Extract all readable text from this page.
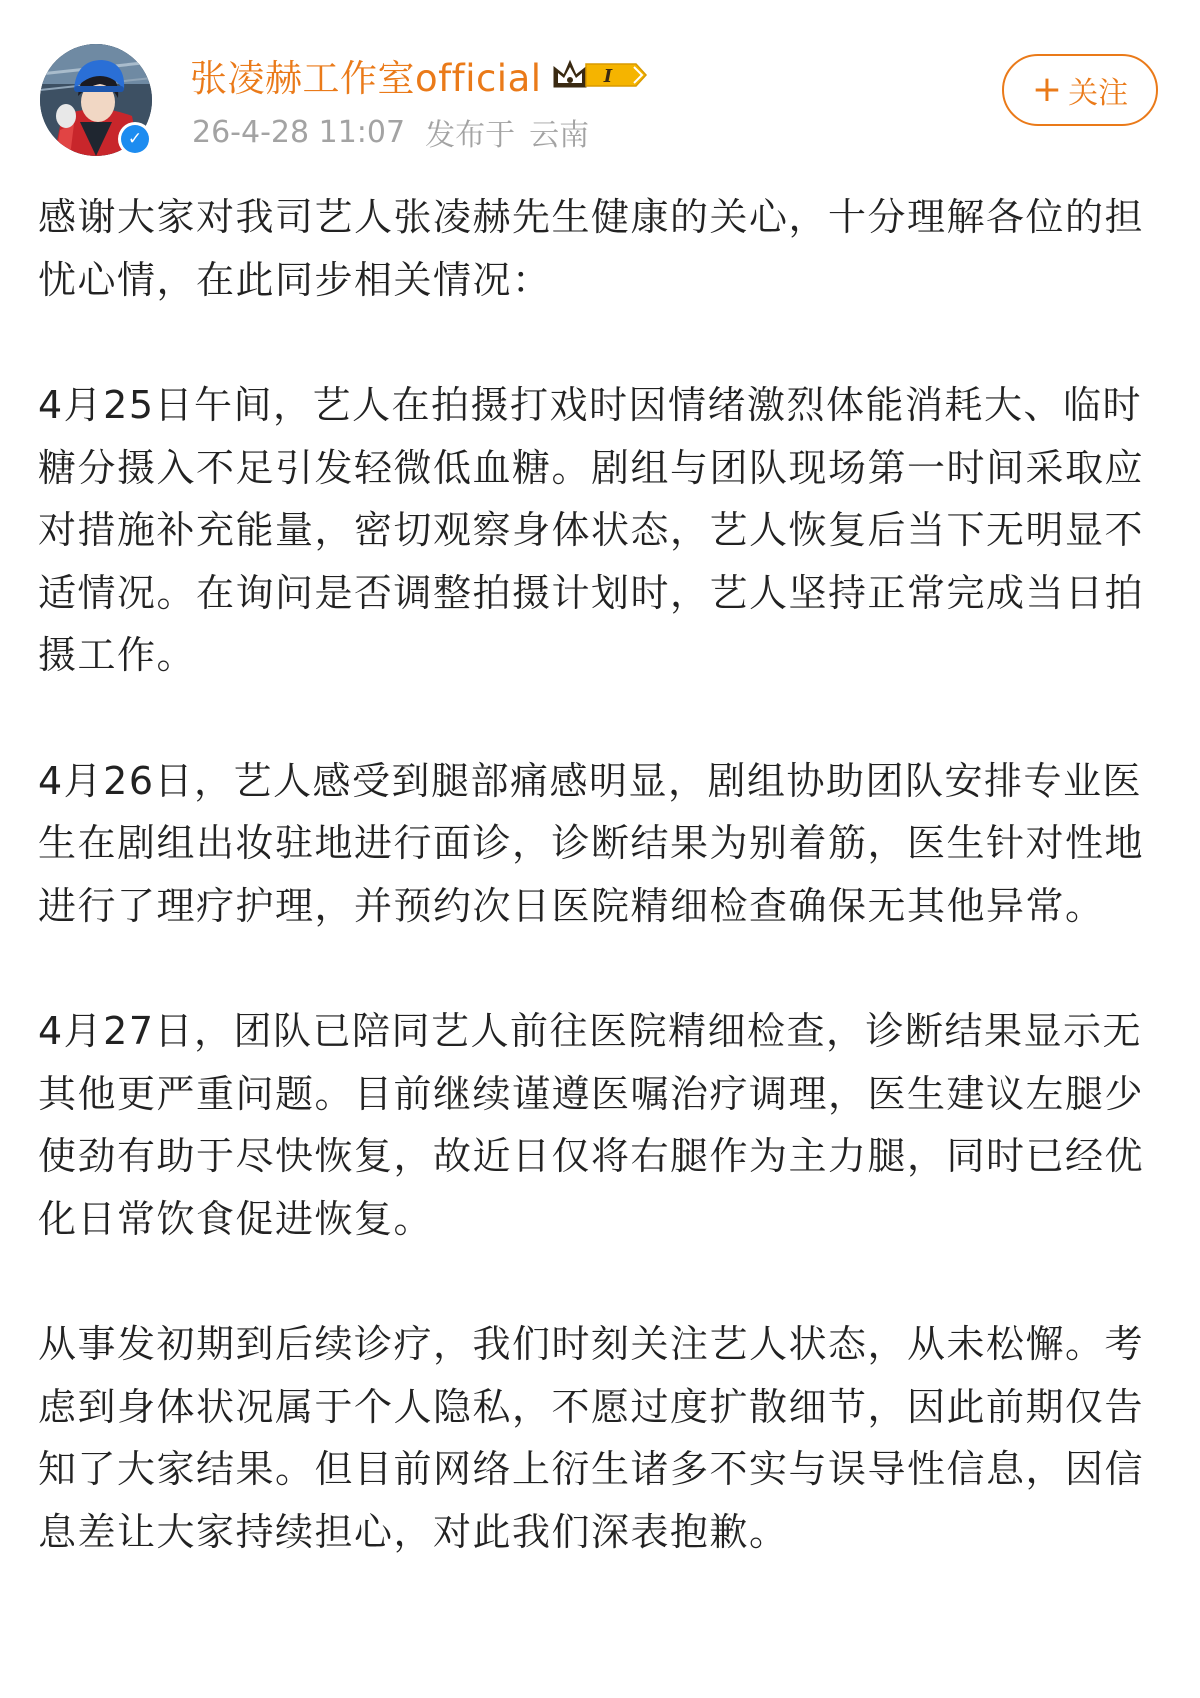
✓
张凌赫工作室official	I
26-4-28 11:07 发布于 云南
+ 关注

感谢大家对我司艺人张凌赫先生健康的关心，十分理解各位的担忧心情，在此同步相关情况：

4月25日午间，艺人在拍摄打戏时因情绪激烈体能消耗大、临时糖分摄入不足引发轻微低血糖。剧组与团队现场第一时间采取应对措施补充能量，密切观察身体状态，艺人恢复后当下无明显不适情况。在询问是否调整拍摄计划时，艺人坚持正常完成当日拍摄工作。

4月26日，艺人感受到腿部痛感明显，剧组协助团队安排专业医生在剧组出妆驻地进行面诊，诊断结果为别着筋，医生针对性地进行了理疗护理，并预约次日医院精细检查确保无其他异常。

4月27日，团队已陪同艺人前往医院精细检查，诊断结果显示无其他更严重问题。目前继续谨遵医嘱治疗调理，医生建议左腿少使劲有助于尽快恢复，故近日仅将右腿作为主力腿，同时已经优化日常饮食促进恢复。

从事发初期到后续诊疗，我们时刻关注艺人状态，从未松懈。考虑到身体状况属于个人隐私，不愿过度扩散细节，因此前期仅告知了大家结果。但目前网络上衍生诸多不实与误导性信息，因信息差让大家持续担心，对此我们深表抱歉。
